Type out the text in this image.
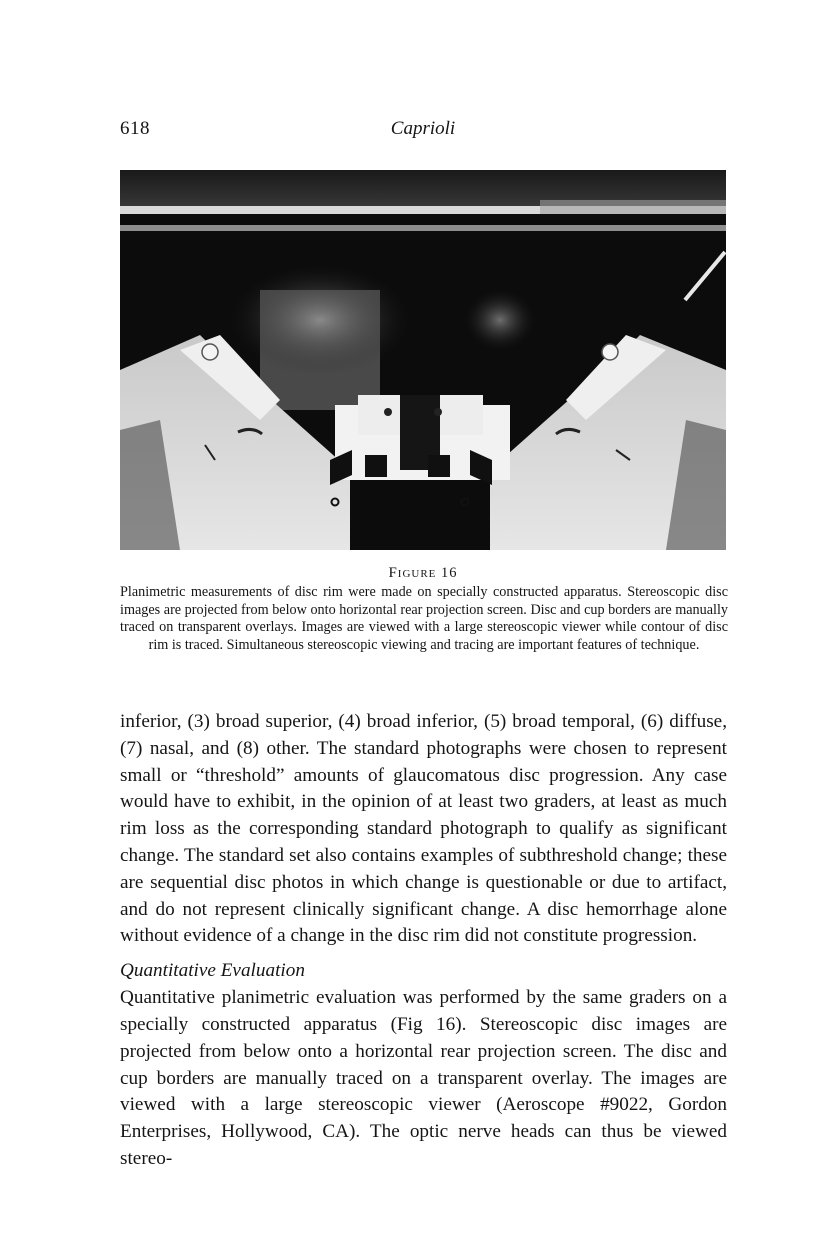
618	Caprioli
Figure 16
Planimetric measurements of disc rim were made on specially constructed apparatus. Stereoscopic disc images are projected from below onto horizontal rear projection screen. Disc and cup borders are manually traced on transparent overlays. Images are viewed with a large stereoscopic viewer while contour of disc rim is traced. Simultaneous stereoscopic viewing and tracing are important features of technique.

inferior, (3) broad superior, (4) broad inferior, (5) broad temporal, (6) diffuse, (7) nasal, and (8) other. The standard photographs were chosen to represent small or “threshold” amounts of glaucomatous disc progression. Any case would have to exhibit, in the opinion of at least two graders, at least as much rim loss as the corresponding standard photograph to qualify as significant change. The standard set also contains examples of subthreshold change; these are sequential disc photos in which change is questionable or due to artifact, and do not represent clinically significant change. A disc hemorrhage alone without evidence of a change in the disc rim did not constitute progression.

Quantitative Evaluation

Quantitative planimetric evaluation was performed by the same graders on a specially constructed apparatus (Fig 16). Stereoscopic disc images are projected from below onto a horizontal rear projection screen. The disc and cup borders are manually traced on a transparent overlay. The images are viewed with a large stereoscopic viewer (Aeroscope #9022, Gordon Enterprises, Hollywood, CA). The optic nerve heads can thus be viewed stereo-
